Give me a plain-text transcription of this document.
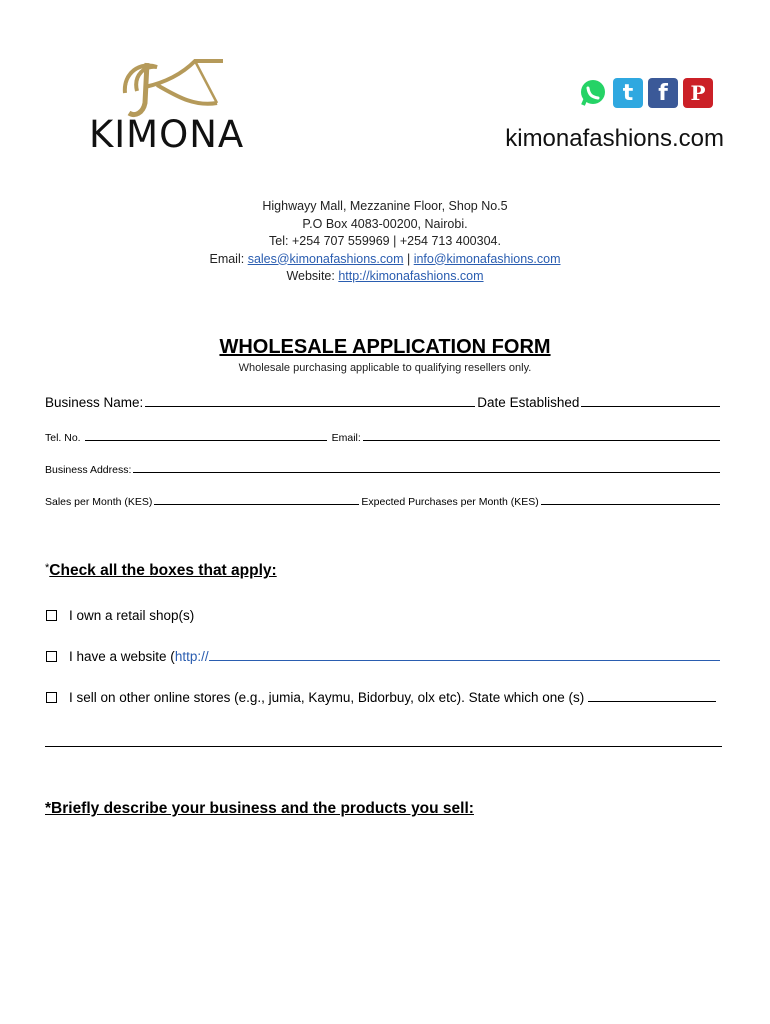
KIMONA
t f P
kimonafashions.com
Highwayy Mall, Mezzanine Floor, Shop No.5
P.O Box 4083-00200, Nairobi.
Tel: +254 707 559969 | +254 713 400304.
Email: sales@kimonafashions.com | info@kimonafashions.com
Website: http://kimonafashions.com
WHOLESALE APPLICATION FORM
Wholesale purchasing applicable to qualifying resellers only.
Business Name:	Date Established
Tel. No.	Email:
Business Address:
Sales per Month (KES)	Expected Purchases per Month (KES)
*Check all the boxes that apply:
I own a retail shop(s)
I have a website ( http://
I sell on other online stores (e.g., jumia, Kaymu, Bidorbuy, olx etc). State which one (s)
*Briefly describe your business and the products you sell:
